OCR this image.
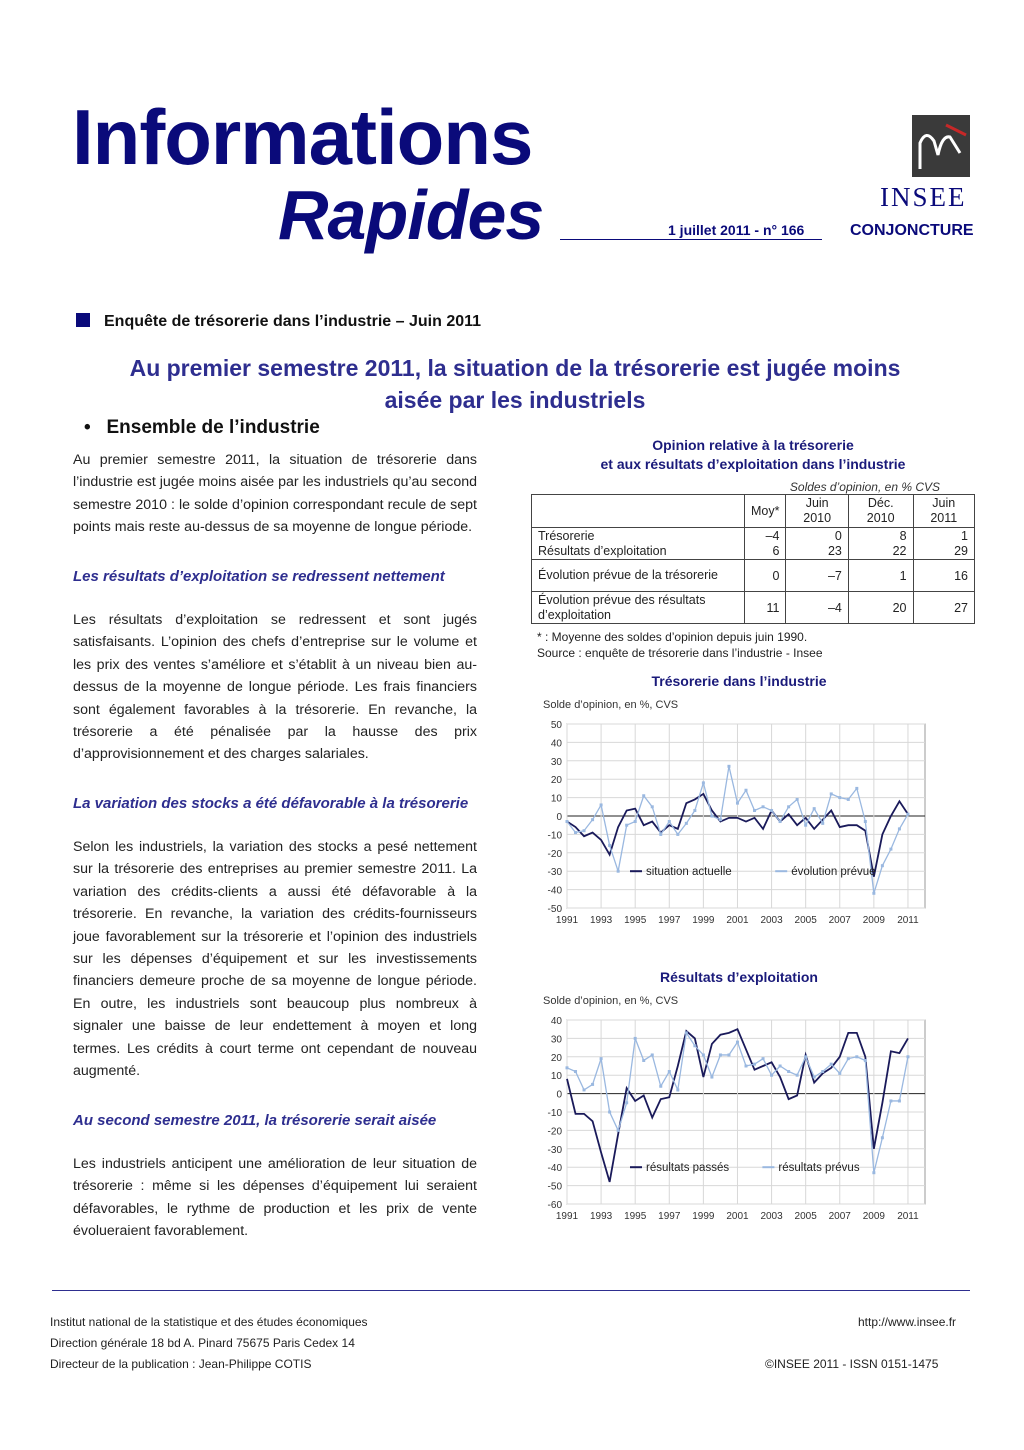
Informations
Rapides	1 juillet 2011 - n° 166
INSEE
CONJONCTURE
Enquête de trésorerie dans l’industrie – Juin 2011
Au premier semestre 2011, la situation de la trésorerie est jugée moins aisée par les industriels
• Ensemble de l’industrie
Au premier semestre 2011, la situation de trésorerie dans l’industrie est jugée moins aisée par les industriels qu’au second semestre 2010 : le solde d’opinion correspondant recule de sept points mais reste au-dessus de sa moyenne de longue période.
Les résultats d’exploitation se redressent nettement
Les résultats d’exploitation se redressent et sont jugés satisfaisants. L’opinion des chefs d’entreprise sur le volume et les prix des ventes s’améliore et s’établit à un niveau bien au-dessus de la moyenne de longue période. Les frais financiers sont également favorables à la trésorerie. En revanche, la trésorerie a été pénalisée par la hausse des prix d’approvisionnement et des charges salariales.
La variation des stocks a été défavorable à la trésorerie
Selon les industriels, la variation des stocks a pesé nettement sur la trésorerie des entreprises au premier semestre 2011. La variation des crédits-clients a aussi été défavorable à la trésorerie. En revanche, la variation des crédits-fournisseurs joue favorablement sur la trésorerie et l’opinion des industriels sur les dépenses d’équipement et sur les investissements financiers demeure proche de sa moyenne de longue période. En outre, les industriels sont beaucoup plus nombreux à signaler une baisse de leur endettement à moyen et long termes. Les crédits à court terme ont cependant de nouveau augmenté.
Au second semestre 2011, la trésorerie serait aisée
Les industriels anticipent une amélioration de leur situation de trésorerie : même si les dépenses d’équipement lui seraient défavorables, le rythme de production et les prix de vente évolueraient favorablement.
Opinion relative à la trésorerie
et aux résultats d’exploitation dans l’industrie
Soldes d’opinion, en % CVS
	Moy*	Juin 2010	Déc. 2010	Juin 2011
Trésorerie	–4	0	8	1
Résultats d’exploitation	6	23	22	29
Évolution prévue de la trésorerie	0	–7	1	16
Évolution prévue des résultats d’exploitation	11	–4	20	27
* : Moyenne des soldes d’opinion depuis juin 1990.
Source : enquête de trésorerie dans l’industrie - Insee
Trésorerie dans l’industrie
Solde d’opinion, en %, CVS
50
40
30
20
10
0
-10
-20
-30
-40
-50
1991 1993 1995 1997 1999 2001 2003 2005 2007 2009 2011
situation actuelle	évolution prévue
Résultats d’exploitation
Solde d’opinion, en %, CVS
40
30
20
10
0
-10
-20
-30
-40
-50
-60
1991 1993 1995 1997 1999 2001 2003 2005 2007 2009 2011
résultats passés	résultats prévus
Institut national de la statistique et des études économiques
Direction générale 18 bd A. Pinard 75675 Paris Cedex 14
Directeur de la publication : Jean-Philippe COTIS
http://www.insee.fr
©INSEE 2011 - ISSN 0151-1475
